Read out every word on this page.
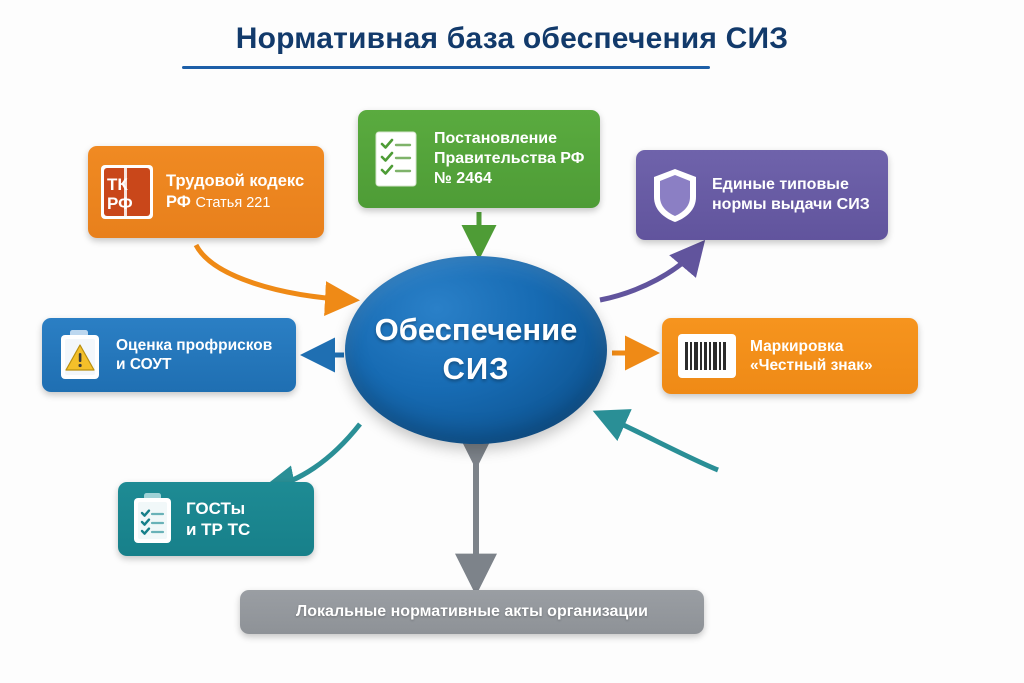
Нормативная база обеспечения СИЗ
Обеспечение
СИЗ
ТК
РФ
Трудовой кодекс
РФ Статья 221
Постановление
Правительства РФ
№ 2464	Единые типовые
нормы выдачи СИЗ
Оценка профрисков
и СОУТ
Маркировка
«Честный знак»
ГОСТы
и ТР ТС
Локальные нормативные акты организации
